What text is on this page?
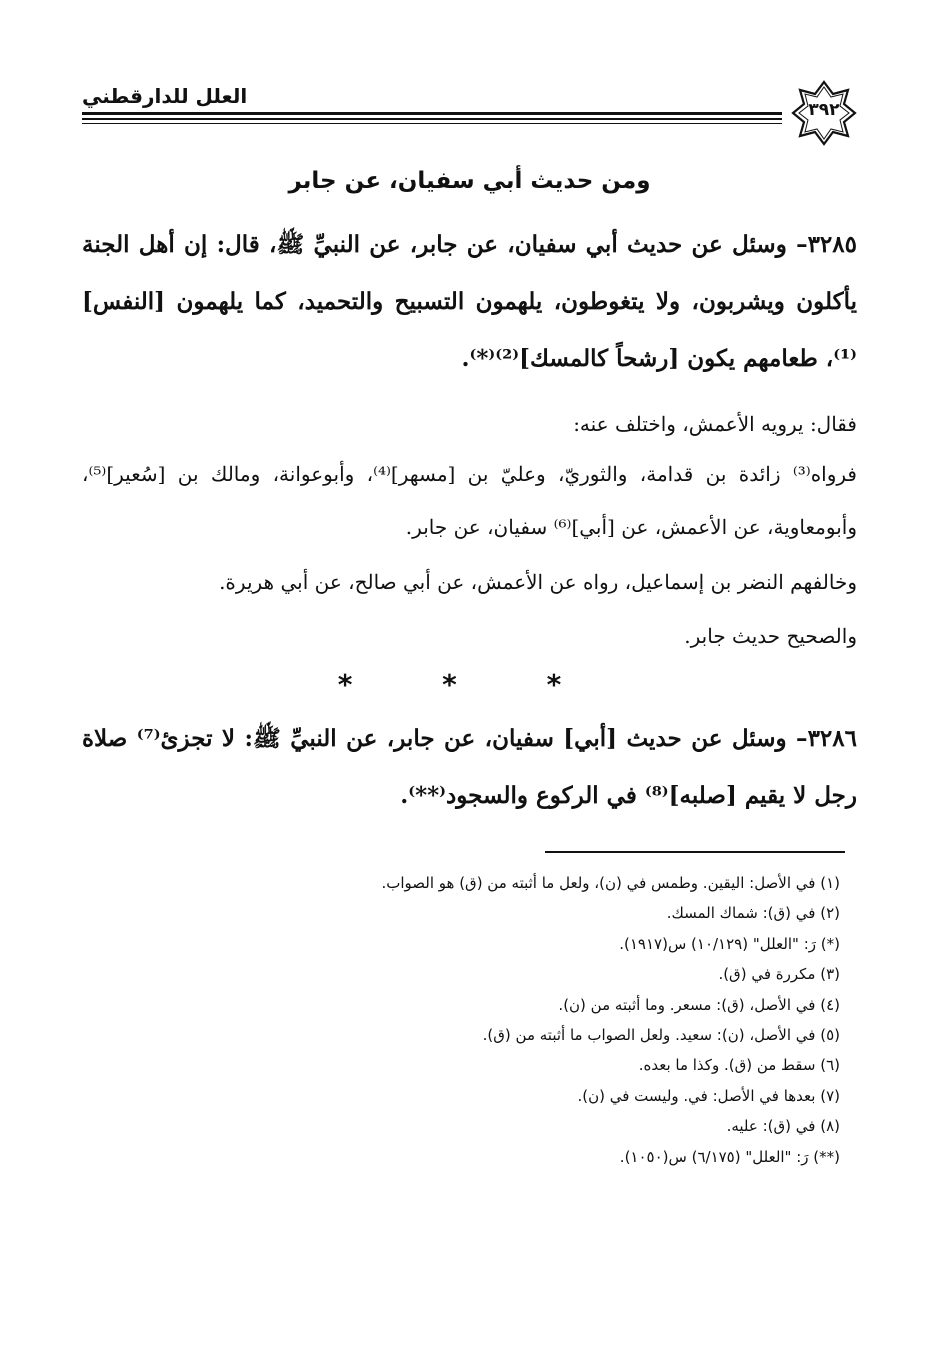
العلل للدارقطني
٣٩٢
ومن حديث أبي سفيان، عن جابر
٣٢٨٥– وسئل عن حديث أبي سفيان، عن جابر، عن النبيِّ ﷺ، قال: إن أهل الجنة يأكلون ويشربون، ولا يتغوطون، يلهمون التسبيح والتحميد، كما يلهمون [النفس]⁽¹⁾، طعامهم يكون [رشحاً كالمسك]⁽²⁾⁽*⁾.
فقال: يرويه الأعمش، واختلف عنه:
فرواه⁽³⁾ زائدة بن قدامة، والثوريّ، وعليّ بن [مسهر]⁽⁴⁾، وأبوعوانة، ومالك بن [سُعير]⁽⁵⁾، وأبومعاوية، عن الأعمش، عن [أبي]⁽⁶⁾ سفيان، عن جابر.
وخالفهم النضر بن إسماعيل، رواه عن الأعمش، عن أبي صالح، عن أبي هريرة.
والصحيح حديث جابر.
* * *
٣٢٨٦– وسئل عن حديث [أبي] سفيان، عن جابر، عن النبيِّ ﷺ: لا تجزئ⁽⁷⁾ صلاة رجل لا يقيم [صلبه]⁽⁸⁾ في الركوع والسجود⁽**⁾.
(١) في الأصل: اليقين. وطمس في (ن)، ولعل ما أثبته من (ق) هو الصواب.
(٢) في (ق): شماك المسك.
(*) رَ: "العلل" (١٠/١٢٩) س(١٩١٧).
(٣) مكررة في (ق).
(٤) في الأصل، (ق): مسعر. وما أثبته من (ن).
(٥) في الأصل، (ن): سعيد. ولعل الصواب ما أثبته من (ق).
(٦) سقط من (ق). وكذا ما بعده.
(٧) بعدها في الأصل: في. وليست في (ن).
(٨) في (ق): عليه.
(**) رَ: "العلل" (٦/١٧٥) س(١٠٥٠).
